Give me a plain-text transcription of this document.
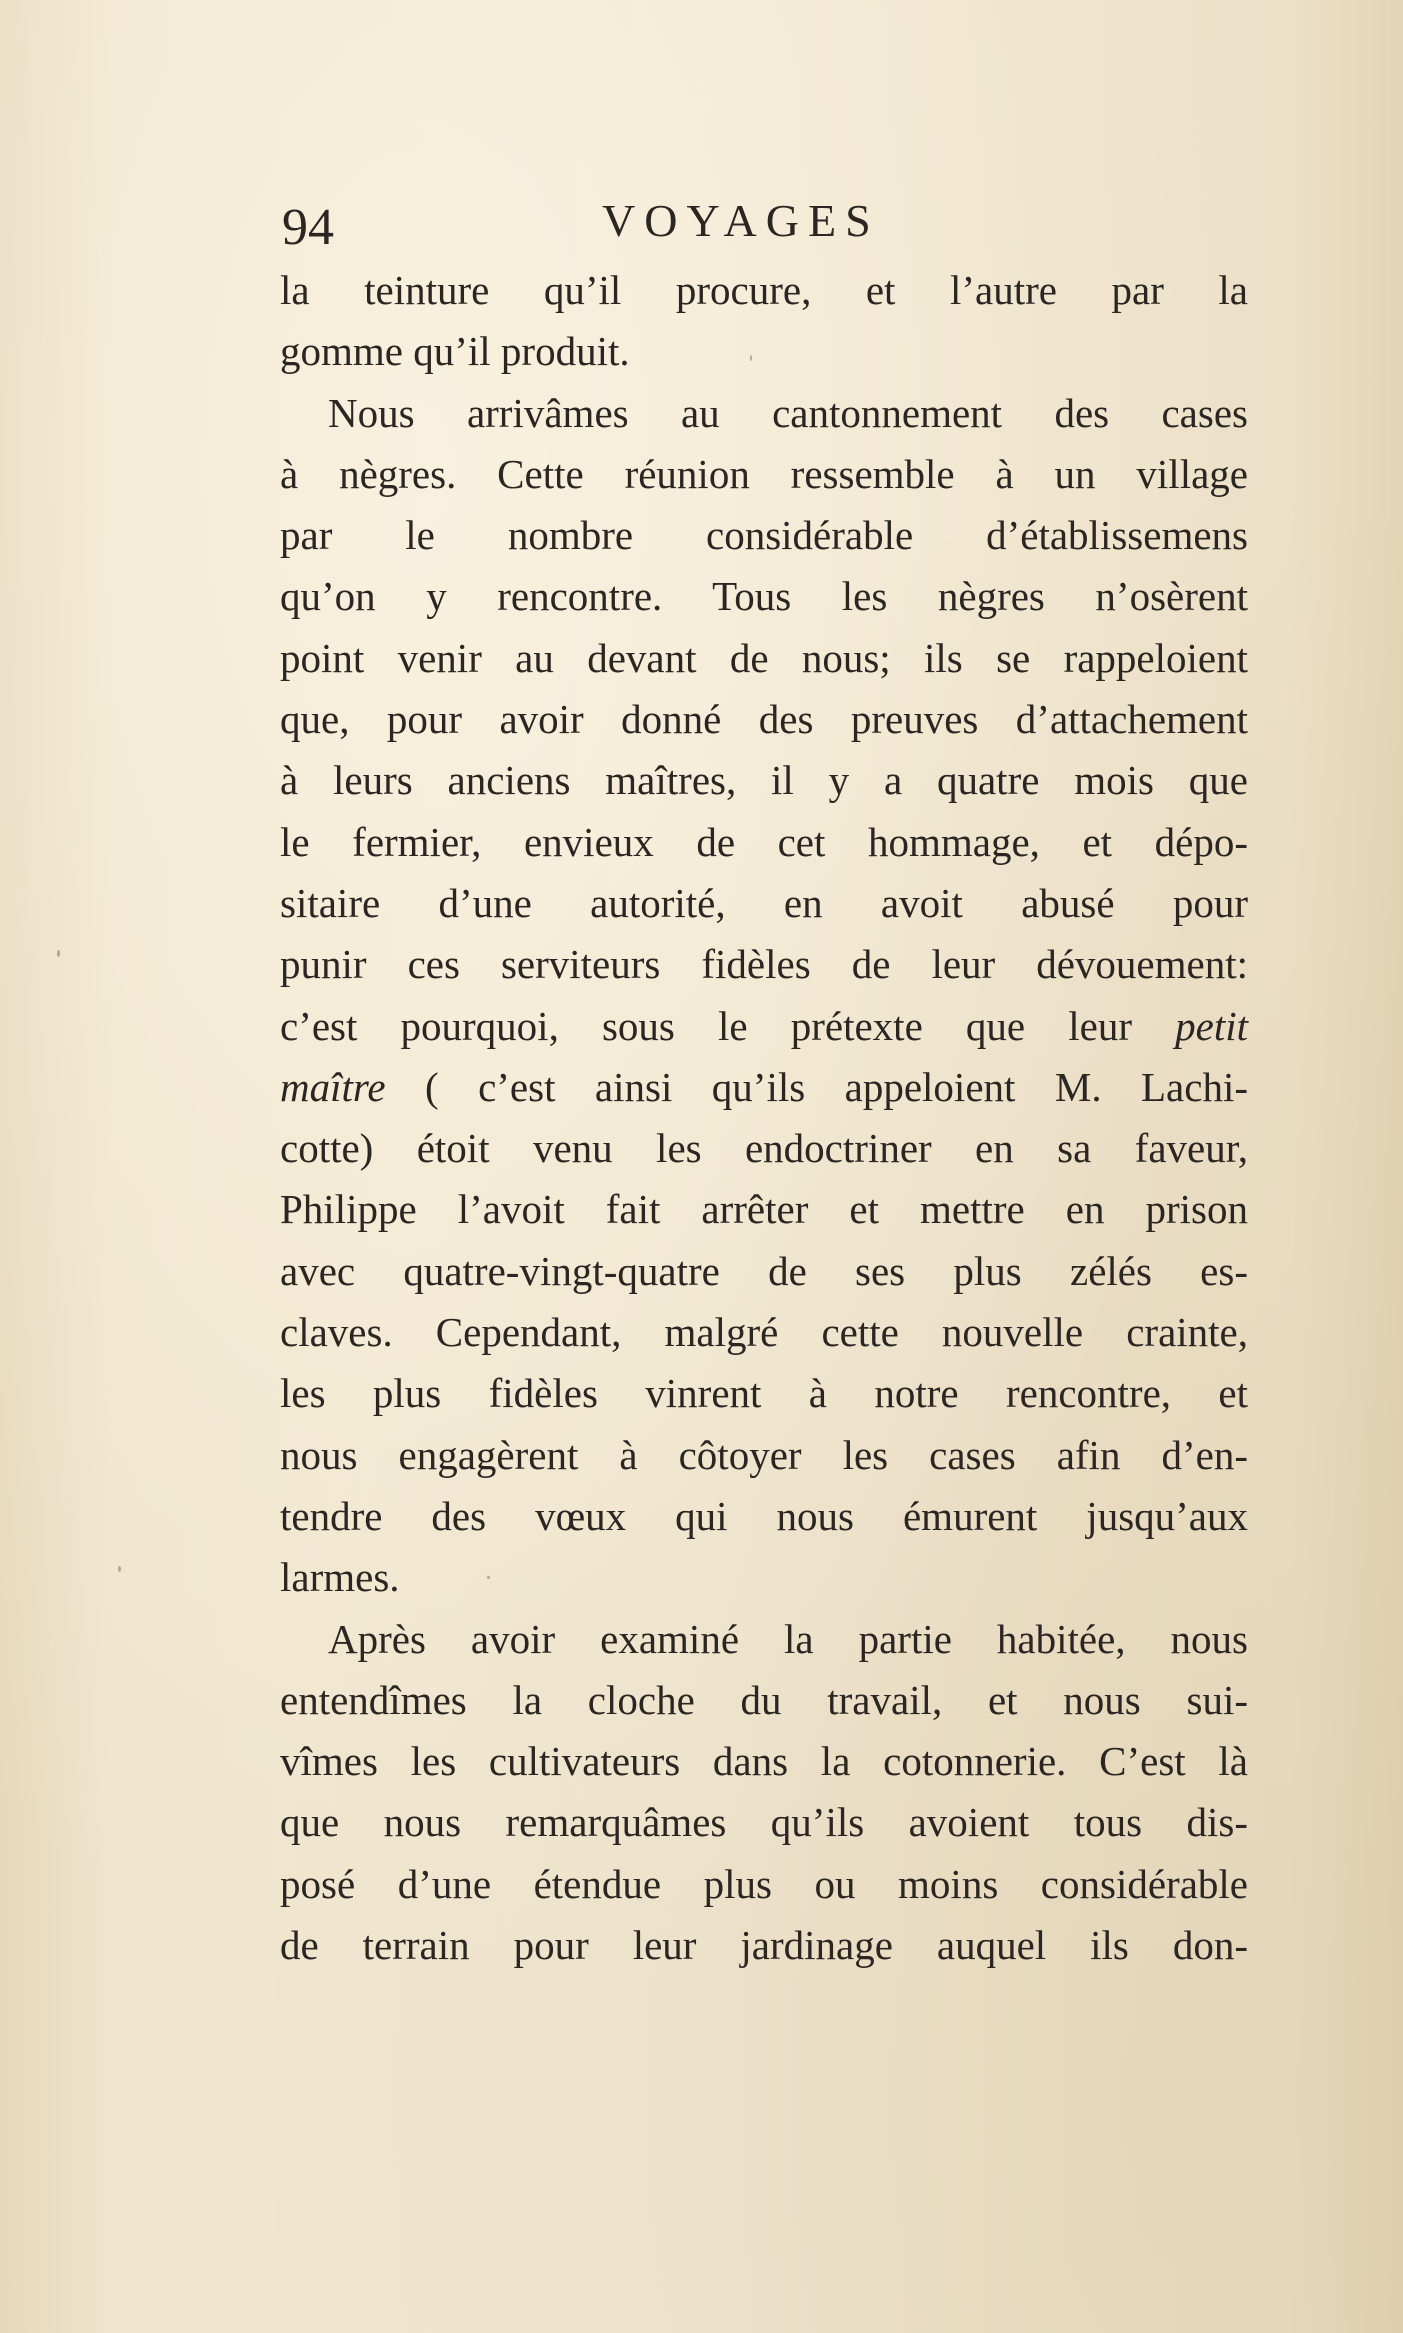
94	VOYAGES
la teinture qu’il procure, et l’autre par la
gomme qu’il produit.
Nous arrivâmes au cantonnement des cases
à nègres. Cette réunion ressemble à un village
par le nombre considérable d’établissemens
qu’on y rencontre. Tous les nègres n’osèrent
point venir au devant de nous; ils se rappeloient
que, pour avoir donné des preuves d’attachement
à leurs anciens maîtres, il y a quatre mois que
le fermier, envieux de cet hommage, et dépo-
sitaire d’une autorité, en avoit abusé pour
punir ces serviteurs fidèles de leur dévouement:
c’est pourquoi, sous le prétexte que leur petit
maître ( c’est ainsi qu’ils appeloient M. Lachi-
cotte) étoit venu les endoctriner en sa faveur,
Philippe l’avoit fait arrêter et mettre en prison
avec quatre-vingt-quatre de ses plus zélés es-
claves. Cependant, malgré cette nouvelle crainte,
les plus fidèles vinrent à notre rencontre, et
nous engagèrent à côtoyer les cases afin d’en-
tendre des vœux qui nous émurent jusqu’aux
larmes.
Après avoir examiné la partie habitée, nous
entendîmes la cloche du travail, et nous sui-
vîmes les cultivateurs dans la cotonnerie. C’est là
que nous remarquâmes qu’ils avoient tous dis-
posé d’une étendue plus ou moins considérable
de terrain pour leur jardinage auquel ils don-
